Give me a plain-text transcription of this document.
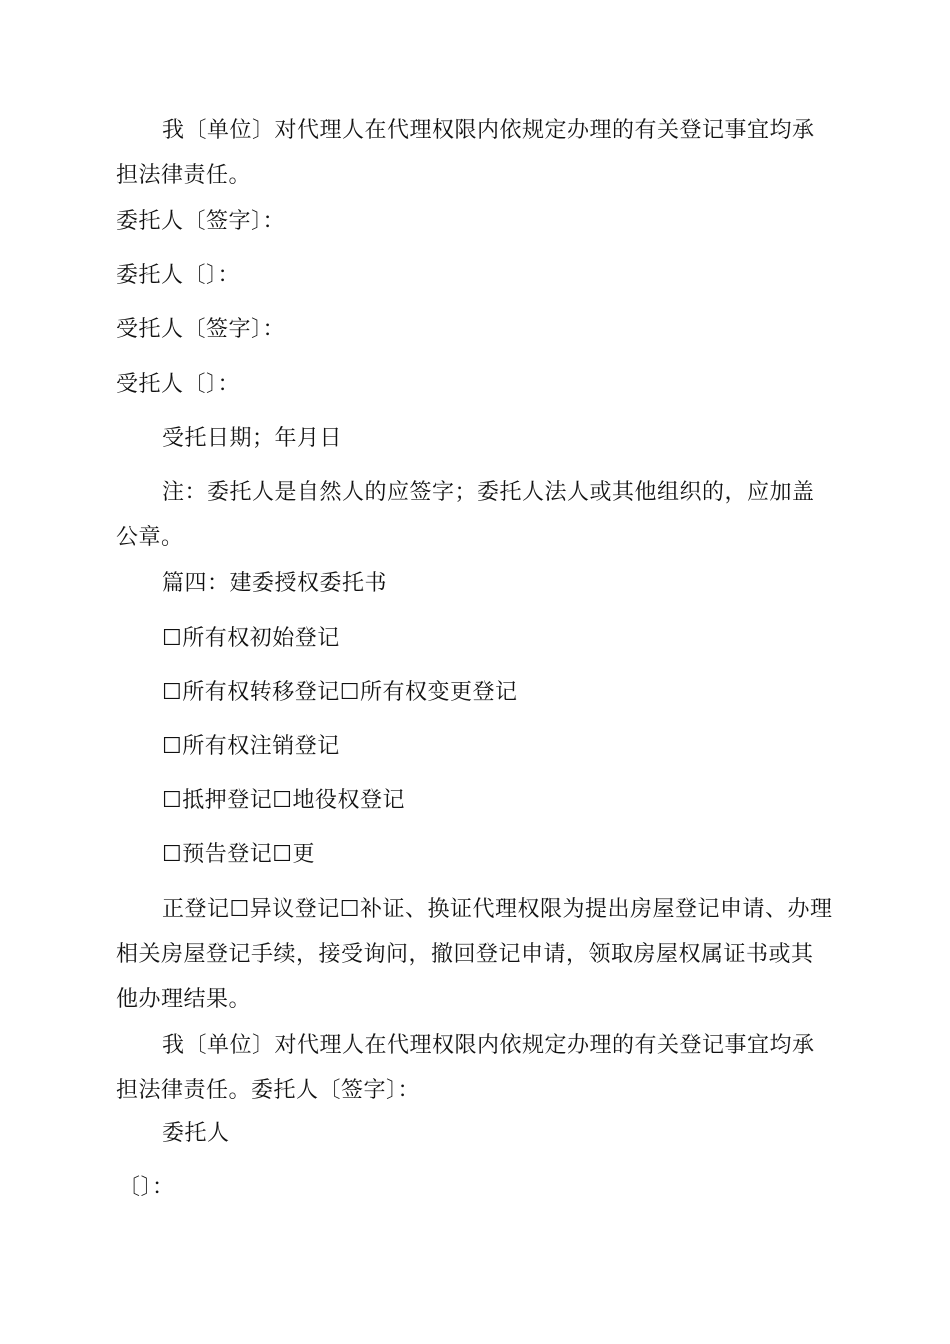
我〔单位〕对代理人在代理权限内依规定办理的有关登记事宜均承担法律责任。

委托人〔签字〕：

委托人〔〕：

受托人〔签字〕：

受托人〔〕：

受托日期；年月日

注：委托人是自然人的应签字；委托人法人或其他组织的，应加盖公章。

篇四：建委授权委托书

☐所有权初始登记

☐所有权转移登记☐所有权变更登记

☐所有权注销登记

☐抵押登记☐地役权登记

☐预告登记☐更

正登记☐异议登记☐补证、换证代理权限为提出房屋登记申请、办理相关房屋登记手续，接受询问，撤回登记申请，领取房屋权属证书或其他办理结果。

我〔单位〕对代理人在代理权限内依规定办理的有关登记事宜均承担法律责任。委托人〔签字〕：

委托人

〔〕：
